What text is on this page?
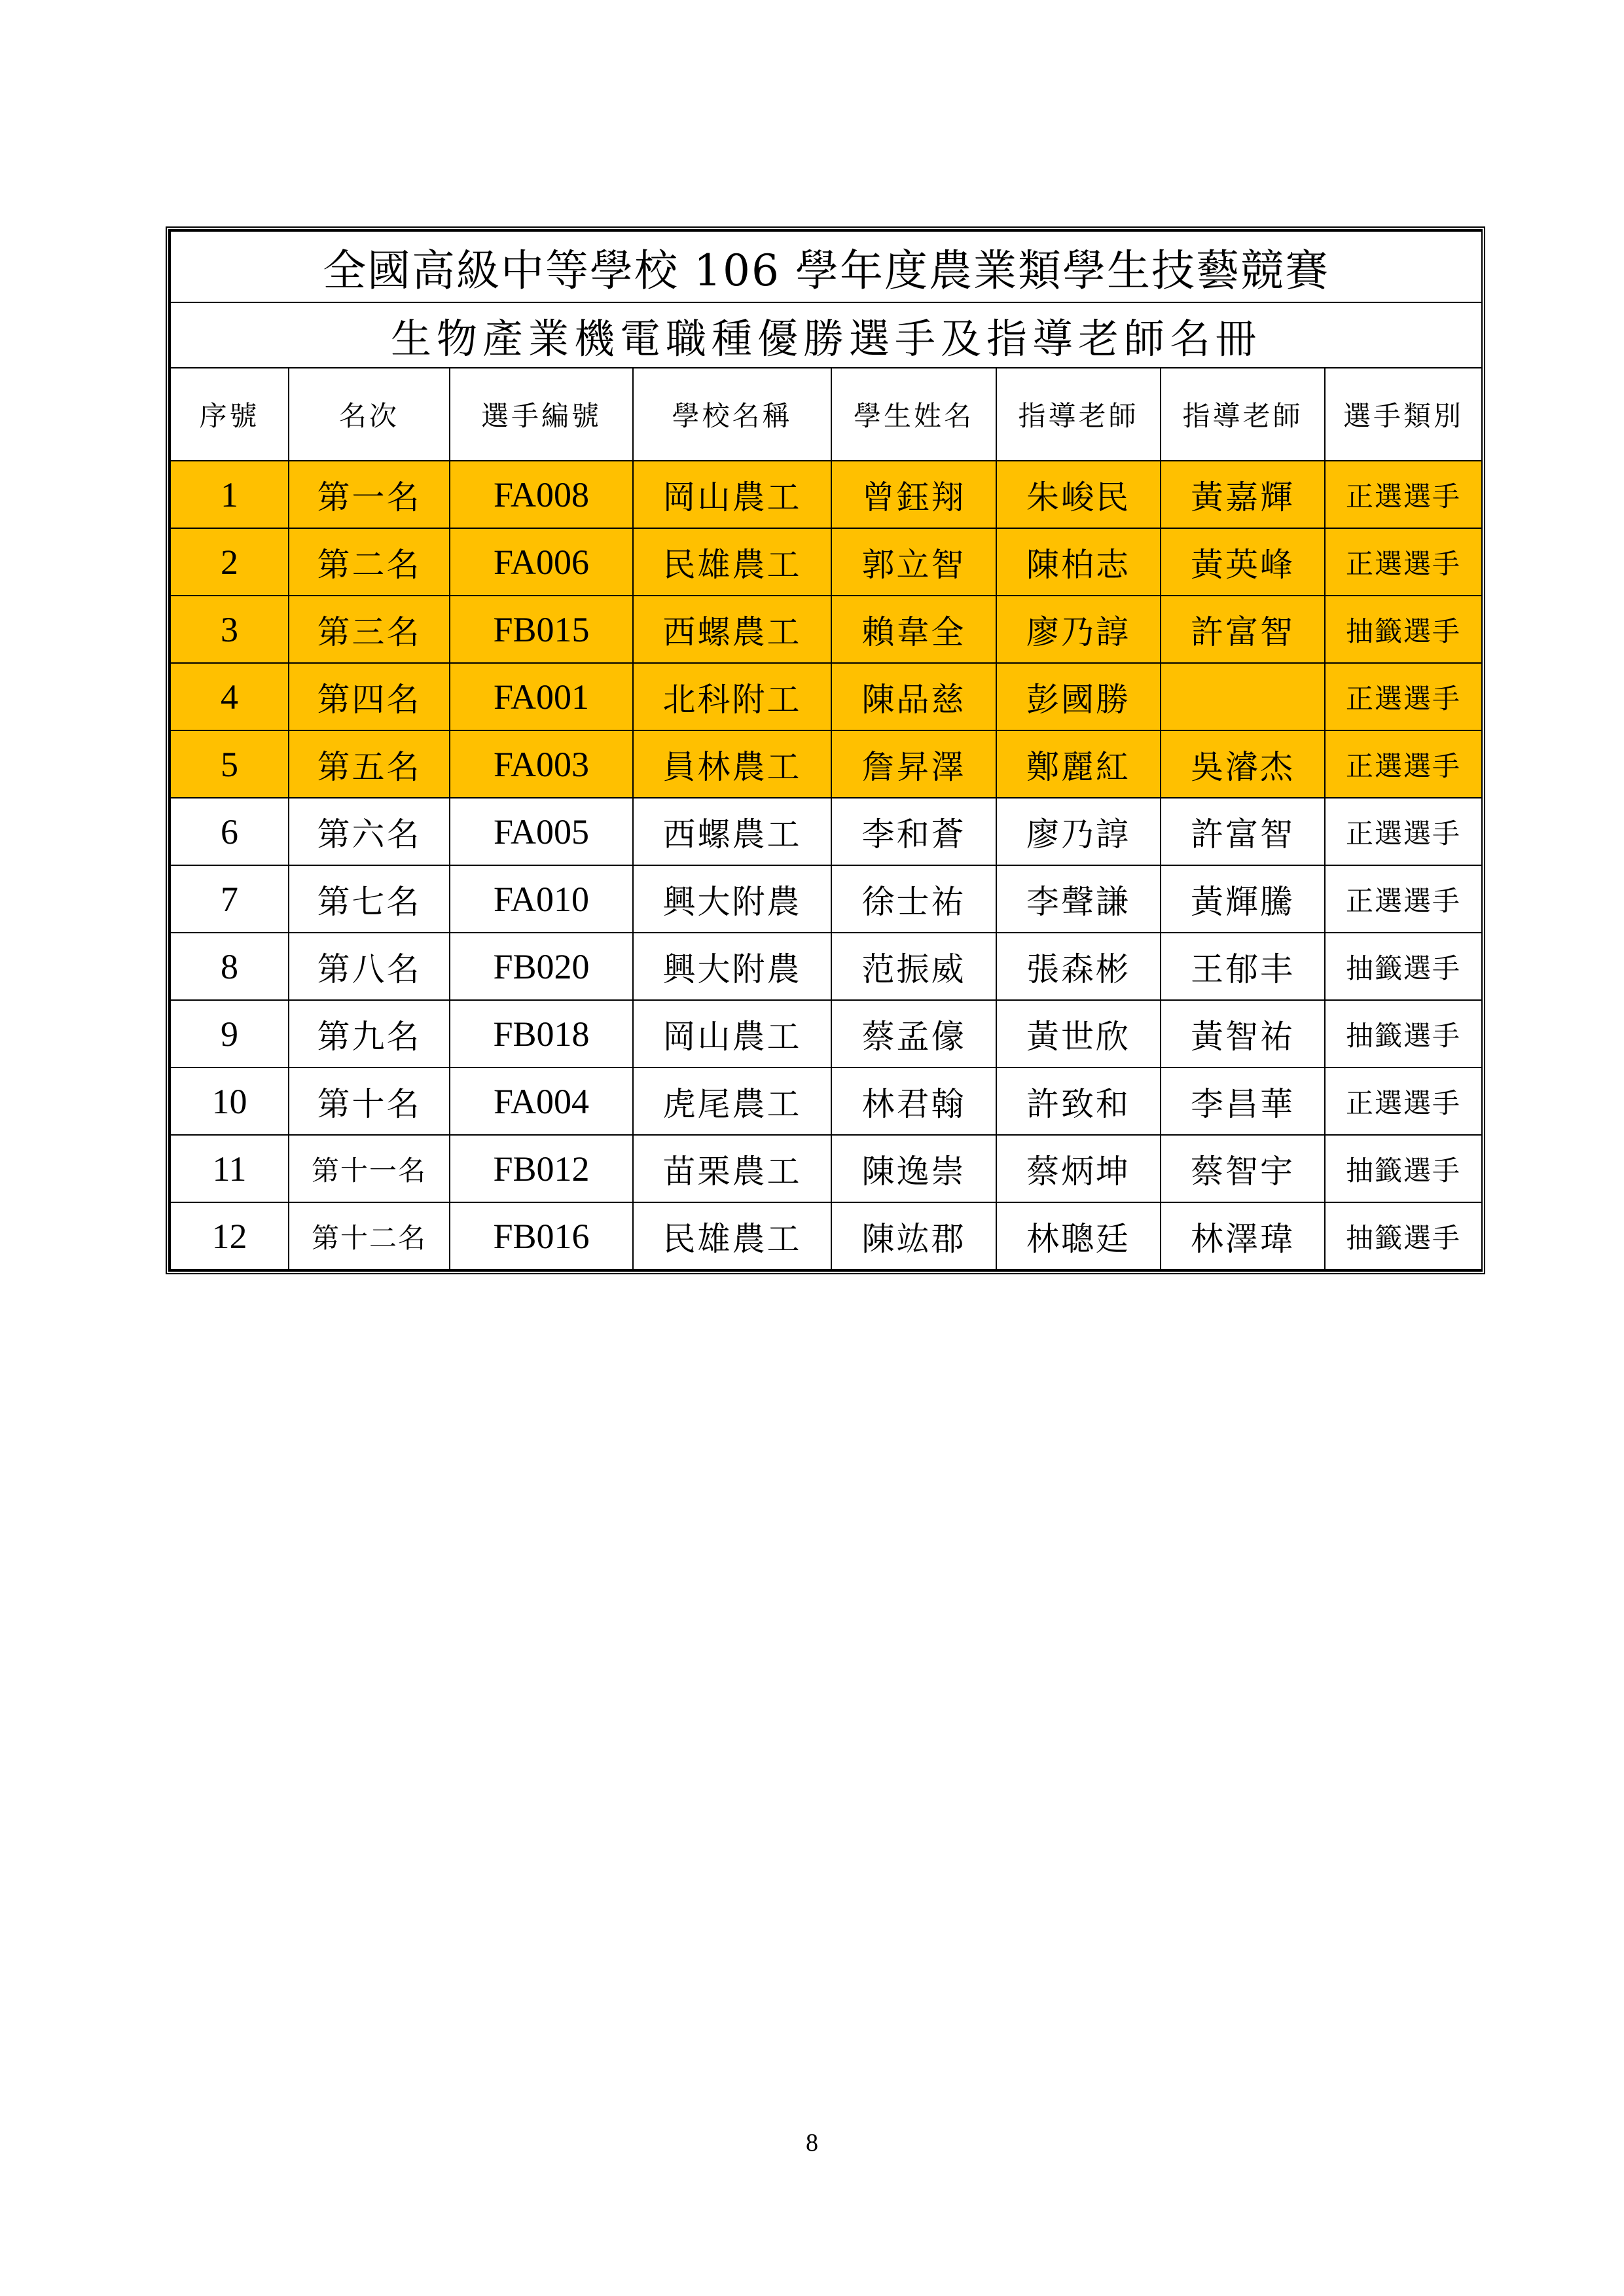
全國高級中等學校 106 學年度農業類學生技藝競賽							
生物產業機電職種優勝選手及指導老師名冊							
序號	名次	選手編號	學校名稱	學生姓名	指導老師	指導老師	選手類別
1	第一名	FA008	岡山農工	曾鈺翔	朱峻民	黃嘉輝	正選選手
2	第二名	FA006	民雄農工	郭立智	陳柏志	黃英峰	正選選手
3	第三名	FB015	西螺農工	賴韋全	廖乃諄	許富智	抽籤選手
4	第四名	FA001	北科附工	陳品慈	彭國勝		正選選手
5	第五名	FA003	員林農工	詹昇澤	鄭麗紅	吳濬杰	正選選手
6	第六名	FA005	西螺農工	李和蒼	廖乃諄	許富智	正選選手
7	第七名	FA010	興大附農	徐士祐	李聲謙	黃輝騰	正選選手
8	第八名	FB020	興大附農	范振威	張森彬	王郁丰	抽籤選手
9	第九名	FB018	岡山農工	蔡孟儫	黃世欣	黃智祐	抽籤選手
10	第十名	FA004	虎尾農工	林君翰	許致和	李昌華	正選選手
11	第十一名	FB012	苗栗農工	陳逸崇	蔡炳坤	蔡智宇	抽籤選手
12	第十二名	FB016	民雄農工	陳竑郡	林聰廷	林澤瑋	抽籤選手
8
